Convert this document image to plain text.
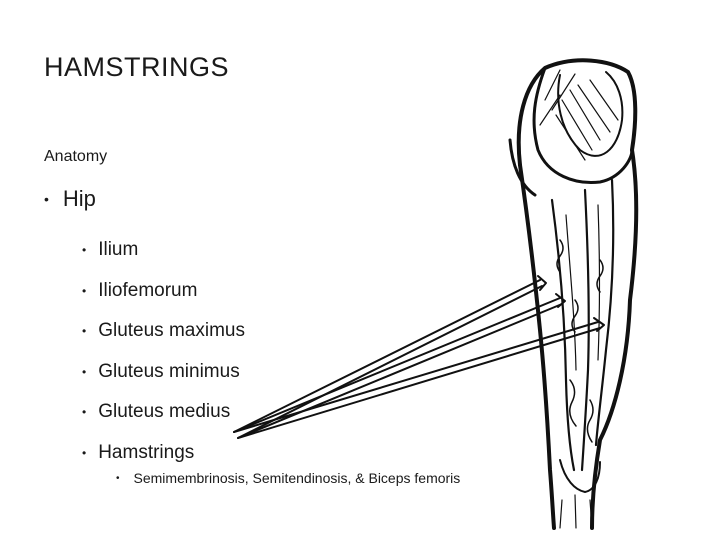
HAMSTRINGS
Anatomy
• Hip
• Ilium
• Iliofemorum
• Gluteus maximus
• Gluteus minimus
• Gluteus medius
• Hamstrings
• Semimembrinosis, Semitendinosis, & Biceps femoris
